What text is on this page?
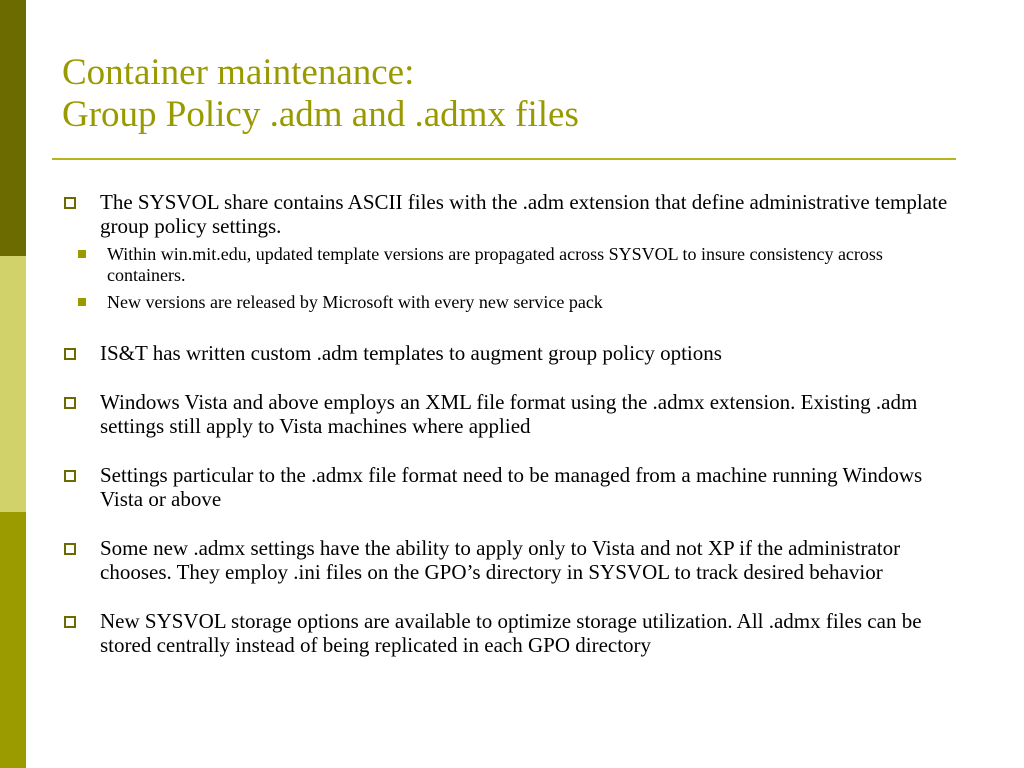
Container maintenance:
Group Policy .adm and .admx files
The SYSVOL share contains ASCII files with the .adm extension that define administrative template group policy settings.
Within win.mit.edu, updated template versions are propagated across SYSVOL to insure consistency across containers.
New versions are released by Microsoft with every new service pack
IS&T has written custom .adm templates to augment group policy options
Windows Vista and above employs an XML file format using the .admx extension. Existing .adm settings still apply to Vista machines where applied
Settings particular to the .admx file format need to be managed from a machine running Windows Vista or above
Some new .admx settings have the ability to apply only to Vista and not XP if the administrator chooses. They employ .ini files on the GPO’s directory in SYSVOL to track desired behavior
New SYSVOL storage options are available to optimize storage utilization. All .admx files can be stored centrally instead of being replicated in each GPO directory
